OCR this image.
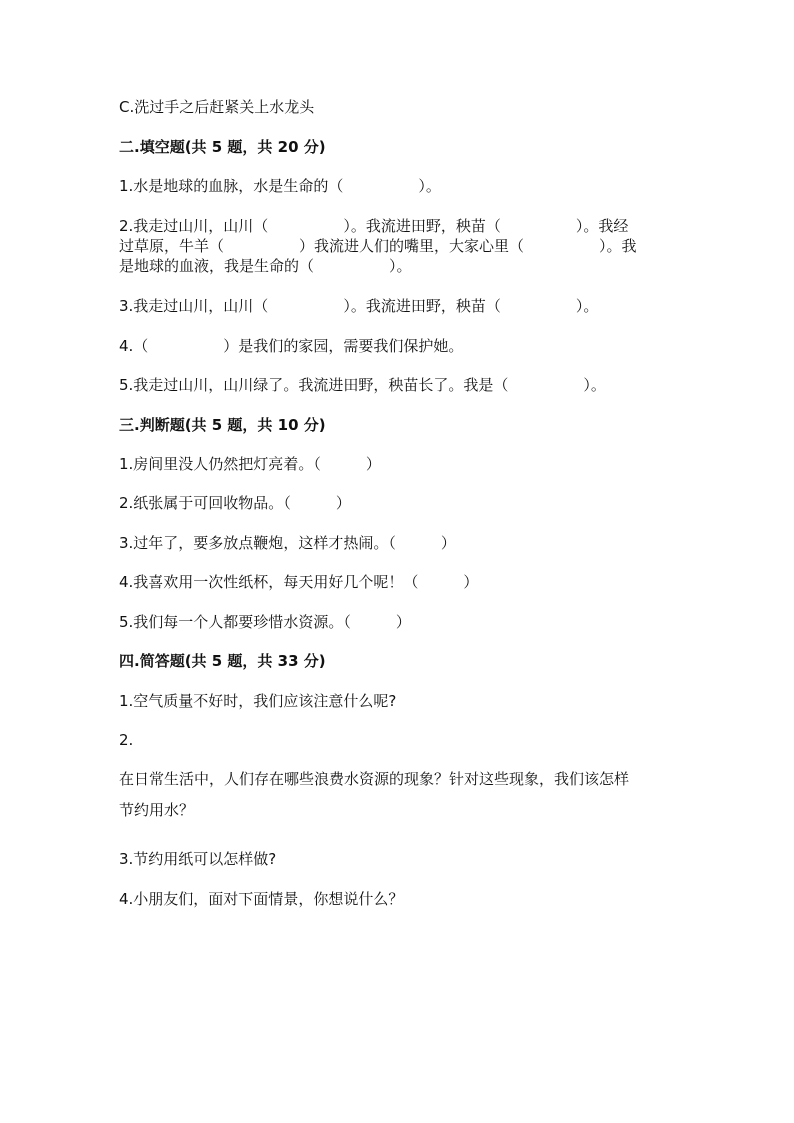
C.洗过手之后赶紧关上水龙头
二.填空题(共 5 题，共 20 分)
1.水是地球的血脉，水是生命的（　　　　　）。
2.我走过山川，山川（　　　　　）。我流进田野，秧苗（　　　　　）。我经
过草原，牛羊（　　　　　）我流进人们的嘴里，大家心里（　　　　　）。我
是地球的血液，我是生命的（　　　　　）。
3.我走过山川，山川（　　　　　）。我流进田野，秧苗（　　　　　）。
4.（　　　　　）是我们的家园，需要我们保护她。
5.我走过山川，山川绿了。我流进田野，秧苗长了。我是（　　　　　）。
三.判断题(共 5 题，共 10 分)
1.房间里没人仍然把灯亮着。（　　　）
2.纸张属于可回收物品。（　　　）
3.过年了，要多放点鞭炮，这样才热闹。（　　　）
4.我喜欢用一次性纸杯，每天用好几个呢！（　　　）
5.我们每一个人都要珍惜水资源。（　　　）
四.简答题(共 5 题，共 33 分)
1.空气质量不好时，我们应该注意什么呢?
2.
在日常生活中，人们存在哪些浪费水资源的现象？针对这些现象，我们该怎样
节约用水？
3.节约用纸可以怎样做?
4.小朋友们，面对下面情景，你想说什么？
